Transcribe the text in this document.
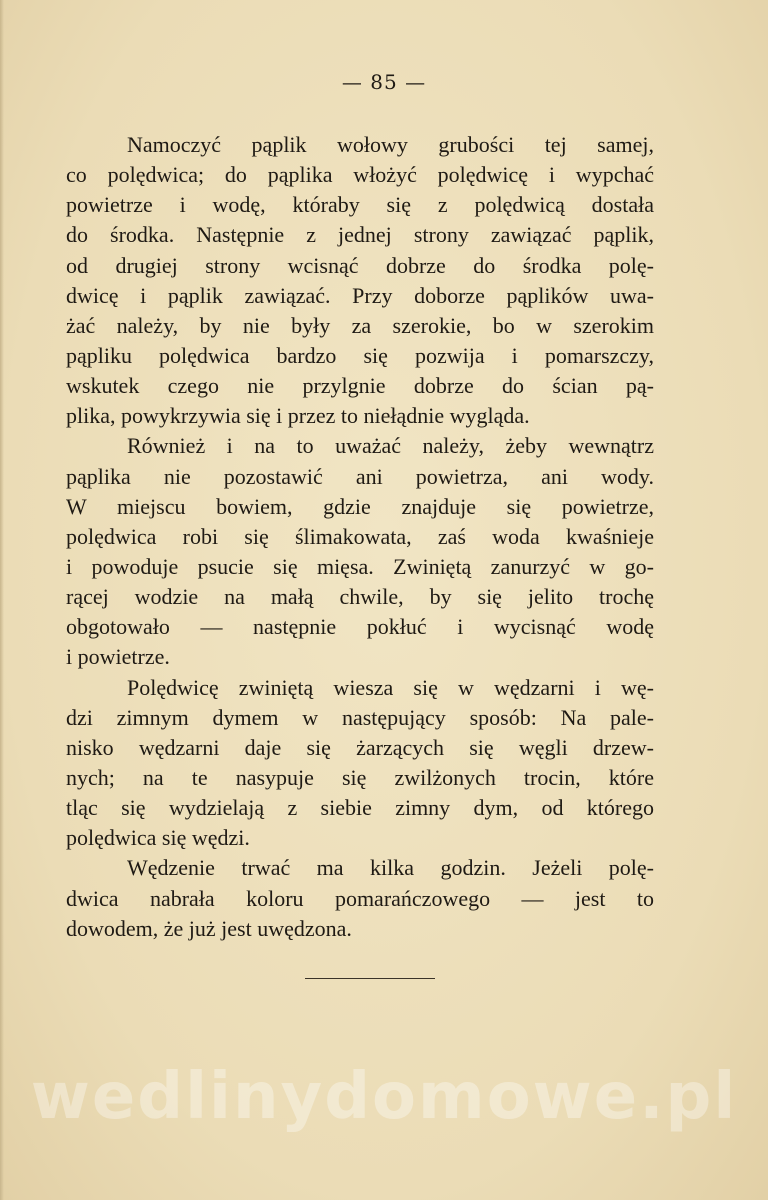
— 85 —
Namoczyć pąplik wołowy grubości tej samej,
co polędwica; do pąplika włożyć polędwicę i wypchać
powietrze i wodę, któraby się z polędwicą dostała
do środka. Następnie z jednej strony zawiązać pąplik,
od drugiej strony wcisnąć dobrze do środka polę-
dwicę i pąplik zawiązać. Przy doborze pąplików uwa-
żać należy, by nie były za szerokie, bo w szerokim
pąpliku polędwica bardzo się pozwija i pomarszczy,
wskutek czego nie przylgnie dobrze do ścian pą-
plika, powykrzywia się i przez to niełądnie wygląda.
Również i na to uważać należy, żeby wewnątrz
pąplika nie pozostawić ani powietrza, ani wody.
W miejscu bowiem, gdzie znajduje się powietrze,
polędwica robi się ślimakowata, zaś woda kwaśnieje
i powoduje psucie się mięsa. Zwiniętą zanurzyć w go-
rącej wodzie na małą chwile, by się jelito trochę
obgotowało — następnie pokłuć i wycisnąć wodę
i powietrze.
Polędwicę zwiniętą wiesza się w wędzarni i wę-
dzi zimnym dymem w następujący sposób: Na pale-
nisko wędzarni daje się żarzących się węgli drzew-
nych; na te nasypuje się zwilżonych trocin, które
tląc się wydzielają z siebie zimny dym, od którego
polędwica się wędzi.
Wędzenie trwać ma kilka godzin. Jeżeli polę-
dwica nabrała koloru pomarańczowego — jest to
dowodem, że już jest uwędzona.
wedlinydomowe.pl
